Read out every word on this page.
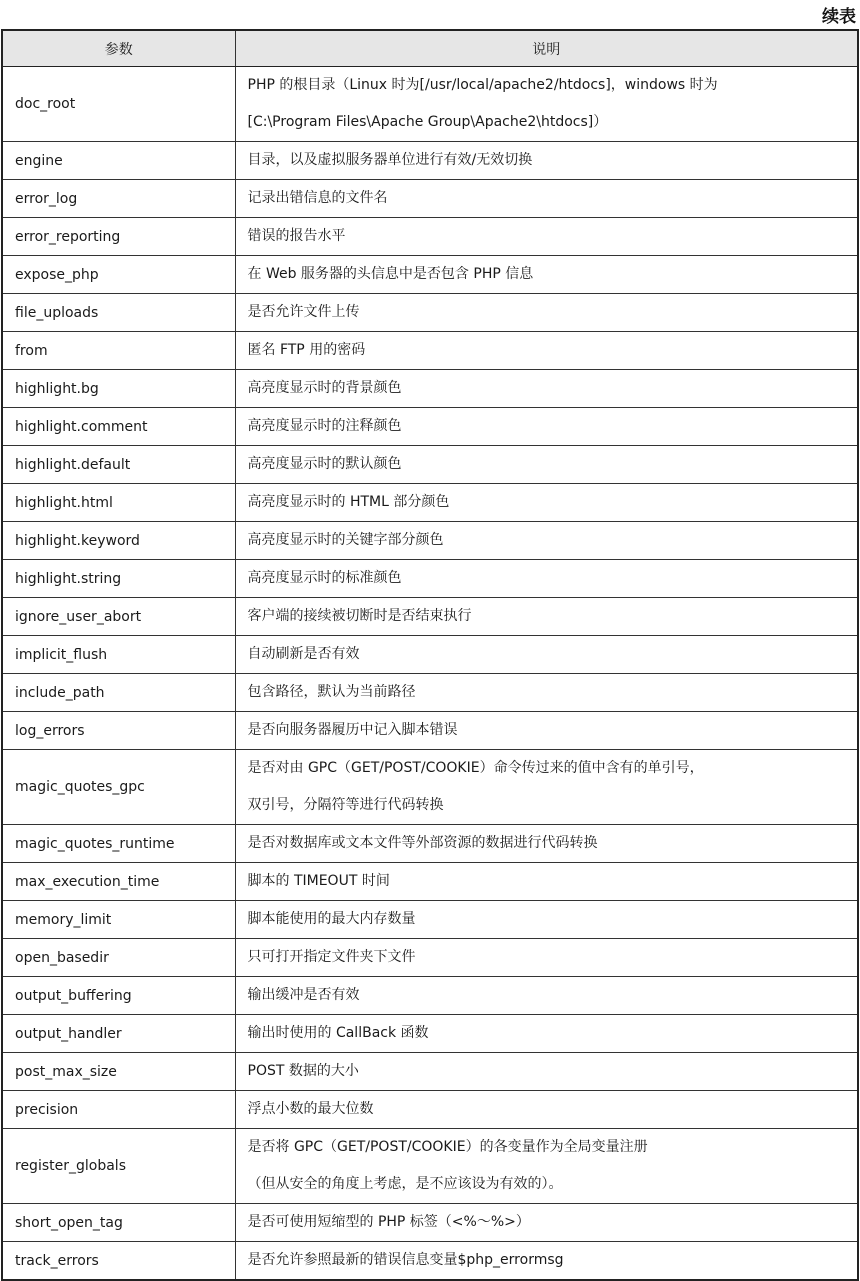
续表
参数	说明
doc_root	PHP 的根目录（Linux 时为[/usr/local/apache2/htdocs]，windows 时为
[C:\Program Files\Apache Group\Apache2\htdocs]）

engine	目录，以及虚拟服务器单位进行有效/无效切换

error_log	记录出错信息的文件名

error_reporting	错误的报告水平

expose_php	在 Web 服务器的头信息中是否包含 PHP 信息

file_uploads	是否允许文件上传

from	匿名 FTP 用的密码

highlight.bg	高亮度显示时的背景颜色

highlight.comment	高亮度显示时的注释颜色

highlight.default	高亮度显示时的默认颜色

highlight.html	高亮度显示时的 HTML 部分颜色

highlight.keyword	高亮度显示时的关键字部分颜色

highlight.string	高亮度显示时的标准颜色

ignore_user_abort	客户端的接续被切断时是否结束执行

implicit_flush	自动刷新是否有效

include_path	包含路径，默认为当前路径

log_errors	是否向服务器履历中记入脚本错误

magic_quotes_gpc	是否对由 GPC（GET/POST/COOKIE）命令传过来的值中含有的单引号，
双引号，分隔符等进行代码转换

magic_quotes_runtime	是否对数据库或文本文件等外部资源的数据进行代码转换

max_execution_time	脚本的 TIMEOUT 时间

memory_limit	脚本能使用的最大内存数量

open_basedir	只可打开指定文件夹下文件

output_buffering	输出缓冲是否有效

output_handler	输出时使用的 CallBack 函数

post_max_size	POST 数据的大小

precision	浮点小数的最大位数

register_globals	是否将 GPC（GET/POST/COOKIE）的各变量作为全局变量注册
（但从安全的角度上考虑，是不应该设为有效的）。

short_open_tag	是否可使用短缩型的 PHP 标签（<%～%>）

track_errors	是否允许参照最新的错误信息变量$php_errormsg
